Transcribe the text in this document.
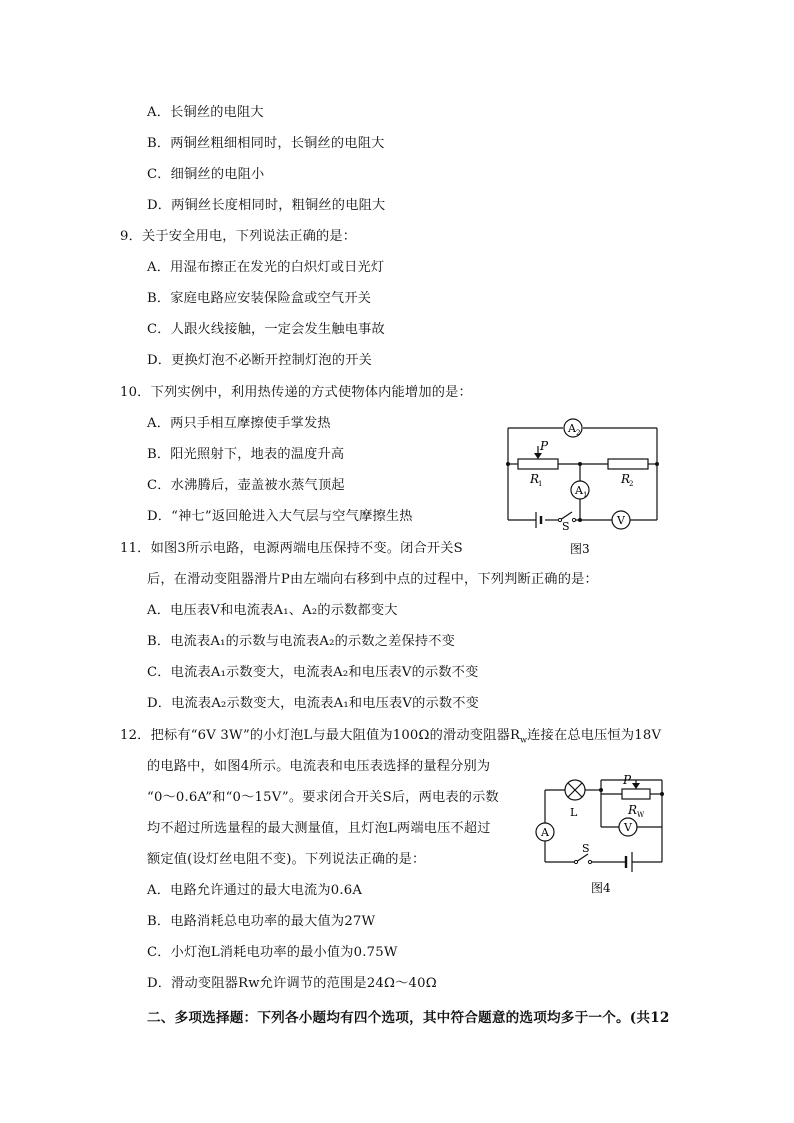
A．长铜丝的电阻大
B．两铜丝粗细相同时，长铜丝的电阻大
C．细铜丝的电阻小
D．两铜丝长度相同时，粗铜丝的电阻大
9．关于安全用电，下列说法正确的是：
A．用湿布擦正在发光的白炽灯或日光灯
B．家庭电路应安装保险盒或空气开关
C．人跟火线接触，一定会发生触电事故
D．更换灯泡不必断开控制灯泡的开关
10．下列实例中，利用热传递的方式使物体内能增加的是：
A．两只手相互摩擦使手掌发热
B．阳光照射下，地表的温度升高
C．水沸腾后，壶盖被水蒸气顶起
D．“神七”返回舱进入大气层与空气摩擦生热
A 2
A 1
V
P
R
1	R
2
S
图3
11．如图3所示电路，电源两端电压保持不变。闭合开关S
后，在滑动变阻器滑片P由左端向右移到中点的过程中，下列判断正确的是：
A．电压表V和电流表A₁、A₂的示数都变大
B．电流表A₁的示数与电流表A₂的示数之差保持不变
C．电流表A₁示数变大，电流表A₂和电压表V的示数不变
D．电流表A₂示数变大，电流表A₁和电压表V的示数不变
12．把标有“6V 3W”的小灯泡L与最大阻值为100Ω的滑动变阻器$R_w$连接在总电压恒为18V
的电路中，如图4所示。电流表和电压表选择的量程分别为
“0～0.6A”和“0～15V”。要求闭合开关S后，两电表的示数
均不超过所选量程的最大测量值，且灯泡L两端电压不超过
额定值(设灯丝电阻不变)。下列说法正确的是：
A．电路允许通过的最大电流为0.6A
B．电路消耗总电功率的最大值为27W
C．小灯泡L消耗电功率的最小值为0.75W
D．滑动变阻器Rw允许调节的范围是24Ω～40Ω
A
L
P
R W
V
S
图4
二、多项选择题：下列各小题均有四个选项，其中符合题意的选项均多于一个。(共12
